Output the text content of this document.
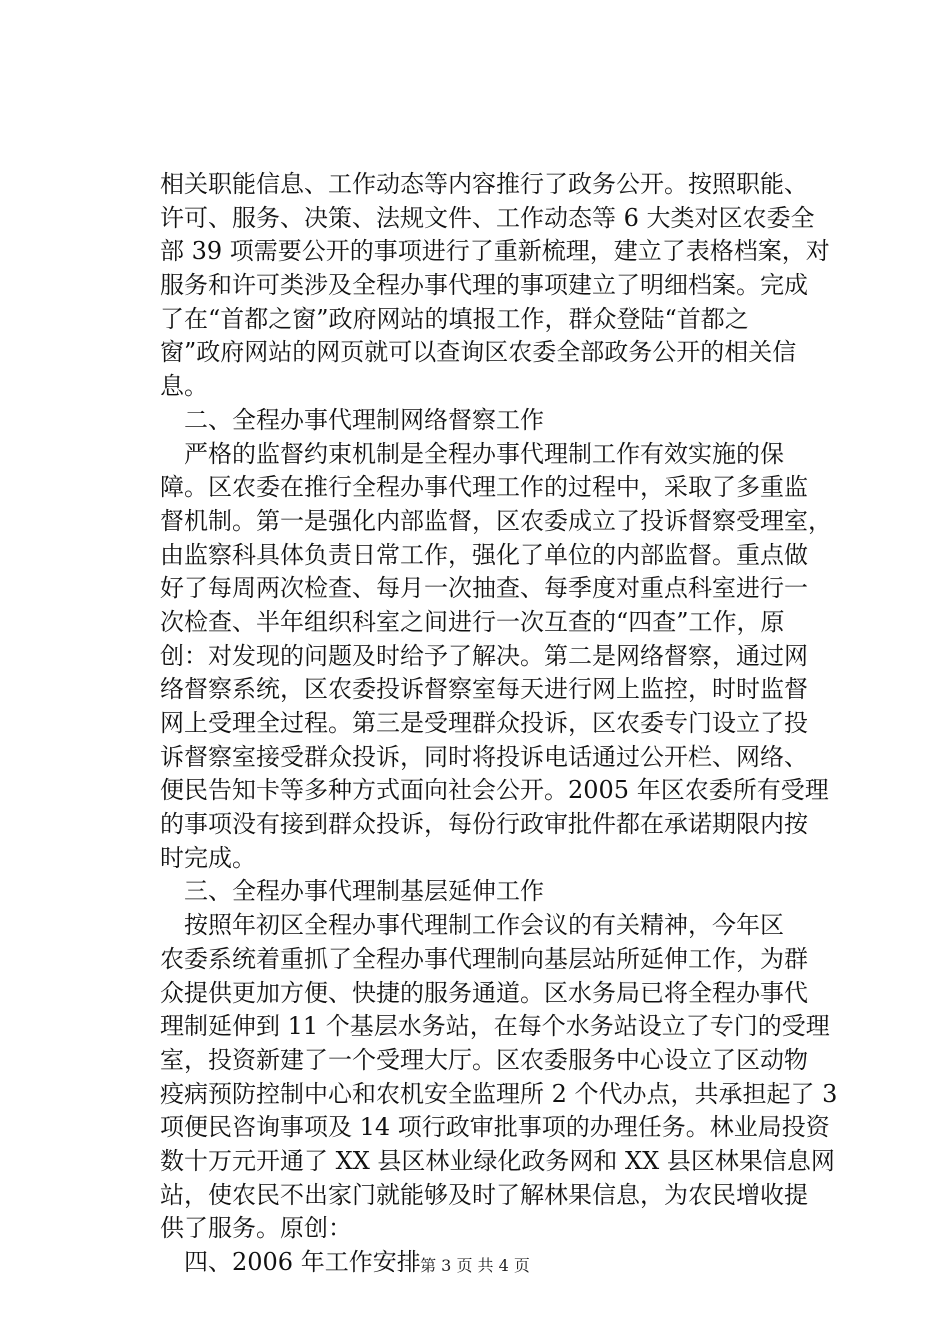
相关职能信息、工作动态等内容推行了政务公开。按照职能、
许可、服务、决策、法规文件、工作动态等 6 大类对区农委全
部 39 项需要公开的事项进行了重新梳理，建立了表格档案，对
服务和许可类涉及全程办事代理的事项建立了明细档案。完成
了在“首都之窗”政府网站的填报工作，群众登陆“首都之
窗”政府网站的网页就可以查询区农委全部政务公开的相关信
息。
二、全程办事代理制网络督察工作
严格的监督约束机制是全程办事代理制工作有效实施的保
障。区农委在推行全程办事代理工作的过程中，采取了多重监
督机制。第一是强化内部监督，区农委成立了投诉督察受理室，
由监察科具体负责日常工作，强化了单位的内部监督。重点做
好了每周两次检查、每月一次抽查、每季度对重点科室进行一
次检查、半年组织科室之间进行一次互查的“四查”工作，原
创：对发现的问题及时给予了解决。第二是网络督察，通过网
络督察系统，区农委投诉督察室每天进行网上监控，时时监督
网上受理全过程。第三是受理群众投诉，区农委专门设立了投
诉督察室接受群众投诉，同时将投诉电话通过公开栏、网络、
便民告知卡等多种方式面向社会公开。2005 年区农委所有受理
的事项没有接到群众投诉，每份行政审批件都在承诺期限内按
时完成。
三、全程办事代理制基层延伸工作
按照年初区全程办事代理制工作会议的有关精神，今年区
农委系统着重抓了全程办事代理制向基层站所延伸工作，为群
众提供更加方便、快捷的服务通道。区水务局已将全程办事代
理制延伸到 11 个基层水务站，在每个水务站设立了专门的受理
室，投资新建了一个受理大厅。区农委服务中心设立了区动物
疫病预防控制中心和农机安全监理所 2 个代办点，共承担起了 3
项便民咨询事项及 14 项行政审批事项的办理任务。林业局投资
数十万元开通了 XX 县区林业绿化政务网和 XX 县区林果信息网
站，使农民不出家门就能够及时了解林果信息，为农民增收提
供了服务。原创：
四、2006 年工作安排 第 3 页 共 4 页
